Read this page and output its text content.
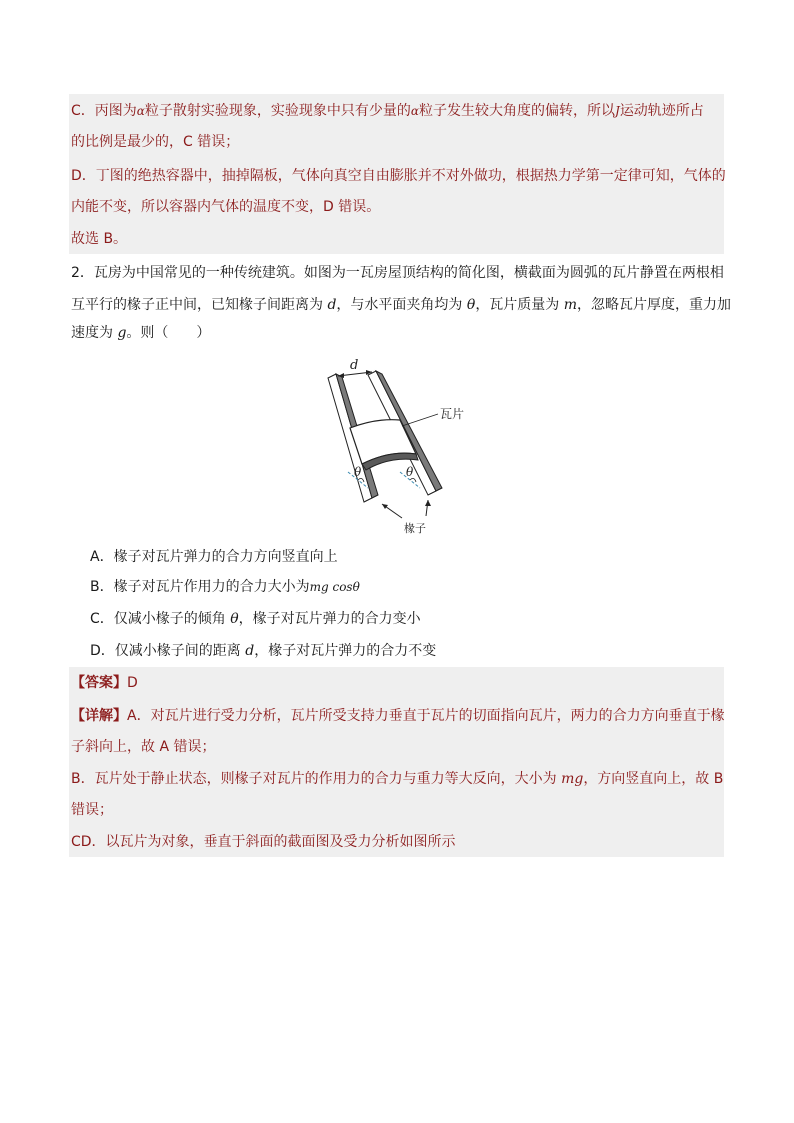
C．丙图为α粒子散射实验现象，实验现象中只有少量的α粒子发生较大角度的偏转，所以J运动轨迹所占
的比例是最少的，C 错误；
D．丁图的绝热容器中，抽掉隔板，气体向真空自由膨胀并不对外做功，根据热力学第一定律可知，气体的
内能不变，所以容器内气体的温度不变，D 错误。
故选 B。
2．瓦房为中国常见的一种传统建筑。如图为一瓦房屋顶结构的简化图，横截面为圆弧的瓦片静置在两根相
互平行的椽子正中间，已知椽子间距离为 d，与水平面夹角均为 θ，瓦片质量为 m，忽略瓦片厚度，重力加
速度为 g。则（　　）
d
瓦片
θ	θ
椽子
A．椽子对瓦片弹力的合力方向竖直向上
B．椽子对瓦片作用力的合力大小为mg cosθ
C．仅减小椽子的倾角 θ，椽子对瓦片弹力的合力变小
D．仅减小椽子间的距离 d，椽子对瓦片弹力的合力不变
【答案】D
【详解】A．对瓦片进行受力分析，瓦片所受支持力垂直于瓦片的切面指向瓦片，两力的合力方向垂直于椽
子斜向上，故 A 错误；
B．瓦片处于静止状态，则椽子对瓦片的作用力的合力与重力等大反向，大小为 mg，方向竖直向上，故 B
错误；
CD．以瓦片为对象，垂直于斜面的截面图及受力分析如图所示
